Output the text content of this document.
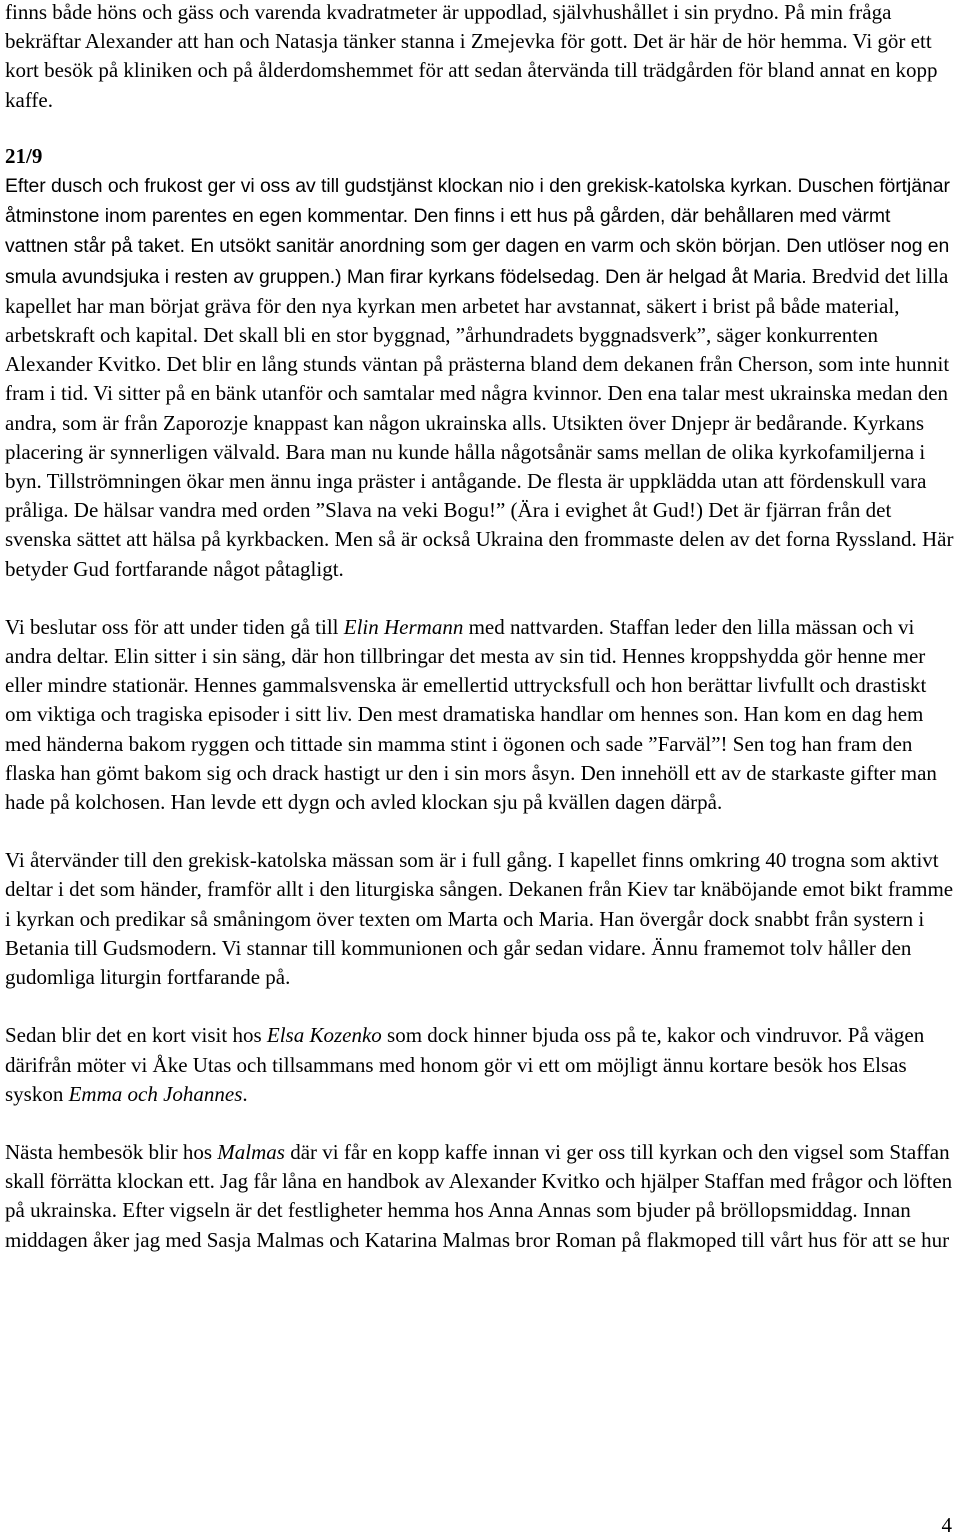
finns både höns och gäss och varenda kvadratmeter är uppodlad, självhushållet i sin prydno. På min fråga bekräftar Alexander att han och Natasja tänker stanna i Zmejevka för gott. Det är här de hör hemma. Vi gör ett kort besök på kliniken och på ålderdomshemmet för att sedan återvända till trädgården för bland annat en kopp kaffe.

21/9

Efter dusch och frukost ger vi oss av till gudstjänst klockan nio i den grekisk-katolska kyrkan. Duschen förtjänar åtminstone inom parentes en egen kommentar. Den finns i ett hus på gården, där behållaren med värmt vattnen står på taket. En utsökt sanitär anordning som ger dagen en varm och skön början. Den utlöser nog en smula avundsjuka i resten av gruppen.) Man firar kyrkans födelsedag. Den är helgad åt Maria. Bredvid det lilla kapellet har man börjat gräva för den nya kyrkan men arbetet har avstannat, säkert i brist på både material, arbetskraft och kapital. Det skall bli en stor byggnad, ”århundradets byggnadsverk”, säger konkurrenten Alexander Kvitko. Det blir en lång stunds väntan på prästerna bland dem dekanen från Cherson, som inte hunnit fram i tid. Vi sitter på en bänk utanför och samtalar med några kvinnor. Den ena talar mest ukrainska medan den andra, som är från Zaporozje knappast kan någon ukrainska alls. Utsikten över Dnjepr är bedårande. Kyrkans placering är synnerligen välvald. Bara man nu kunde hålla någotsånär sams mellan de olika kyrkofamiljerna i byn. Tillströmningen ökar men ännu inga präster i antågande. De flesta är uppklädda utan att fördenskull vara pråliga. De hälsar vandra med orden ”Slava na veki Bogu!” (Ära i evighet åt Gud!) Det är fjärran från det svenska sättet att hälsa på kyrkbacken. Men så är också Ukraina den frommaste delen av det forna Ryssland. Här betyder Gud fortfarande något påtagligt.

Vi beslutar oss för att under tiden gå till Elin Hermann med nattvarden. Staffan leder den lilla mässan och vi andra deltar. Elin sitter i sin säng, där hon tillbringar det mesta av sin tid. Hennes kroppshydda gör henne mer eller mindre stationär. Hennes gammalsvenska är emellertid uttrycksfull och hon berättar livfullt och drastiskt om viktiga och tragiska episoder i sitt liv. Den mest dramatiska handlar om hennes son. Han kom en dag hem med händerna bakom ryggen och tittade sin mamma stint i ögonen och sade ”Farväl”! Sen tog han fram den flaska han gömt bakom sig och drack hastigt ur den i sin mors åsyn. Den innehöll ett av de starkaste gifter man hade på kolchosen. Han levde ett dygn och avled klockan sju på kvällen dagen därpå.

Vi återvänder till den grekisk-katolska mässan som är i full gång. I kapellet finns omkring 40 trogna som aktivt deltar i det som händer, framför allt i den liturgiska sången. Dekanen från Kiev tar knäböjande emot bikt framme i kyrkan och predikar så småningom över texten om Marta och Maria. Han övergår dock snabbt från systern i Betania till Gudsmodern. Vi stannar till kommunionen och går sedan vidare. Ännu framemot tolv håller den gudomliga liturgin fortfarande på.

Sedan blir det en kort visit hos Elsa Kozenko som dock hinner bjuda oss på te, kakor och vindruvor. På vägen därifrån möter vi Åke Utas och tillsammans med honom gör vi ett om möjligt ännu kortare besök hos Elsas syskon Emma och Johannes.

Nästa hembesök blir hos Malmas där vi får en kopp kaffe innan vi ger oss till kyrkan och den vigsel som Staffan skall förrätta klockan ett. Jag får låna en handbok av Alexander Kvitko och hjälper Staffan med frågor och löften på ukrainska. Efter vigseln är det festligheter hemma hos Anna Annas som bjuder på bröllopsmiddag. Innan middagen åker jag med Sasja Malmas och Katarina Malmas bror Roman på flakmoped till vårt hus för att se hur

4
